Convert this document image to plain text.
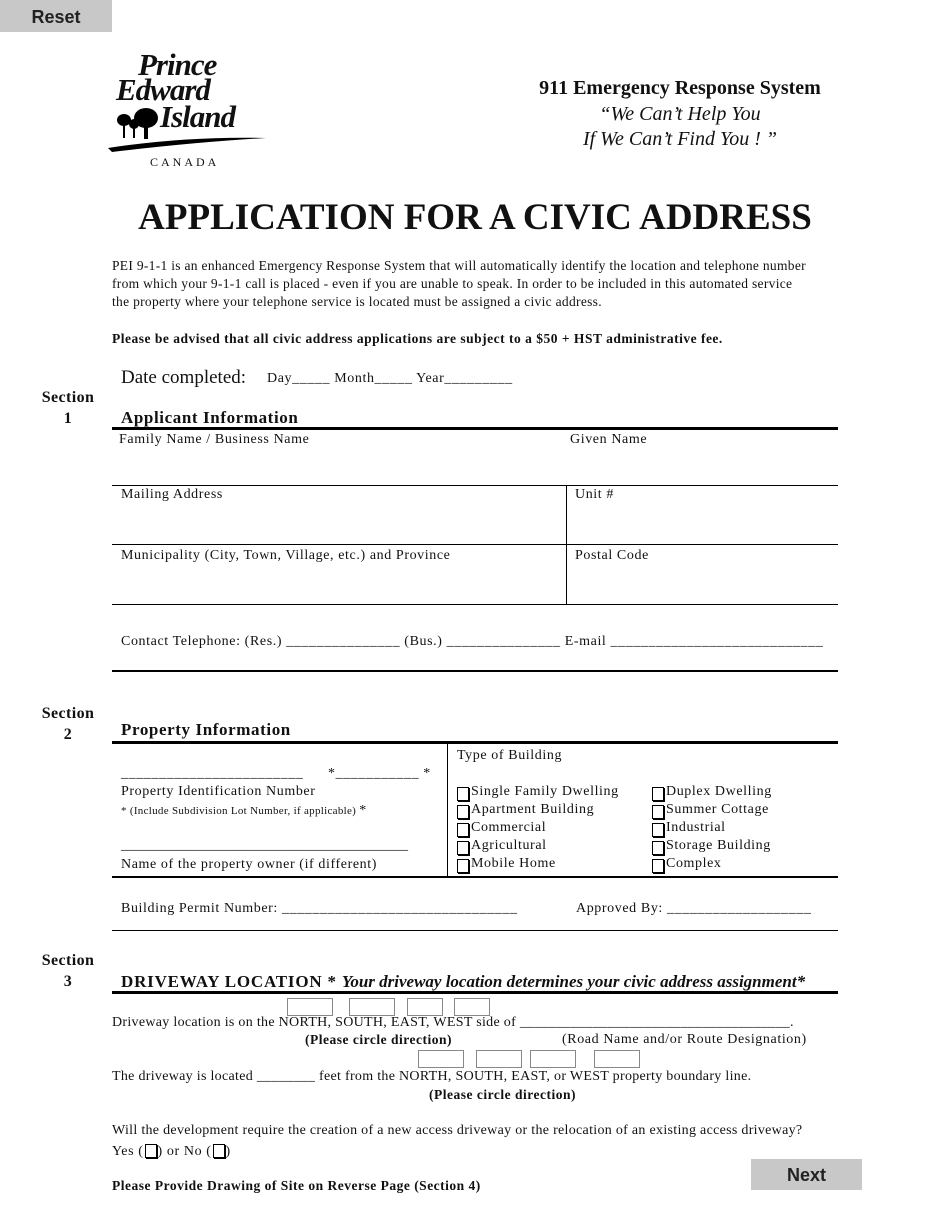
Reset
Next
Prince
Edward
Island
CANADA
911 Emergency Response System
“We Can’t Help You
If We Can’t Find You ! ”
APPLICATION FOR A CIVIC ADDRESS
PEI 9-1-1 is an enhanced Emergency Response System that will automatically identify the location and telephone number
from which your 9-1-1 call is placed - even if you are unable to speak. In order to be included in this automated service
the property where your telephone service is located must be assigned a civic address.
Please be advised that all civic address applications are subject to a $50 + HST administrative fee.
Date completed: Day_____ Month_____ Year_________
Section
1	Applicant Information
Family Name / Business Name	Given Name
Mailing Address	Unit #
Municipality (City, Town, Village, etc.) and Province	Postal Code
Contact Telephone: (Res.) _______________ (Bus.) _______________ E-mail ____________________________
Section
2	Property Information
________________________      *___________ *
Property Identification Number
* (Include Subdivision Lot Number, if applicable) *
_________________________________________
Name of the property owner (if different)
Type of Building
Single Family Dwelling
Apartment Building
Commercial
Agricultural
Mobile Home
Duplex Dwelling
Summer Cottage
Industrial
Storage Building
Complex
Building Permit Number: _______________________________	Approved By: ___________________
Section
3	DRIVEWAY LOCATION * Your driveway location determines your civic address assignment*
Driveway location is on the NORTH, SOUTH, EAST, WEST side of _____________________________________.
(Please circle direction)	(Road Name and/or Route Designation)
The driveway is located ________ feet from the NORTH, SOUTH, EAST, or WEST property boundary line.
(Please circle direction)
Will the development require the creation of a new access driveway or the relocation of an existing access driveway?
Yes ( ) or No ( )
Please Provide Drawing of Site on Reverse Page (Section 4)
